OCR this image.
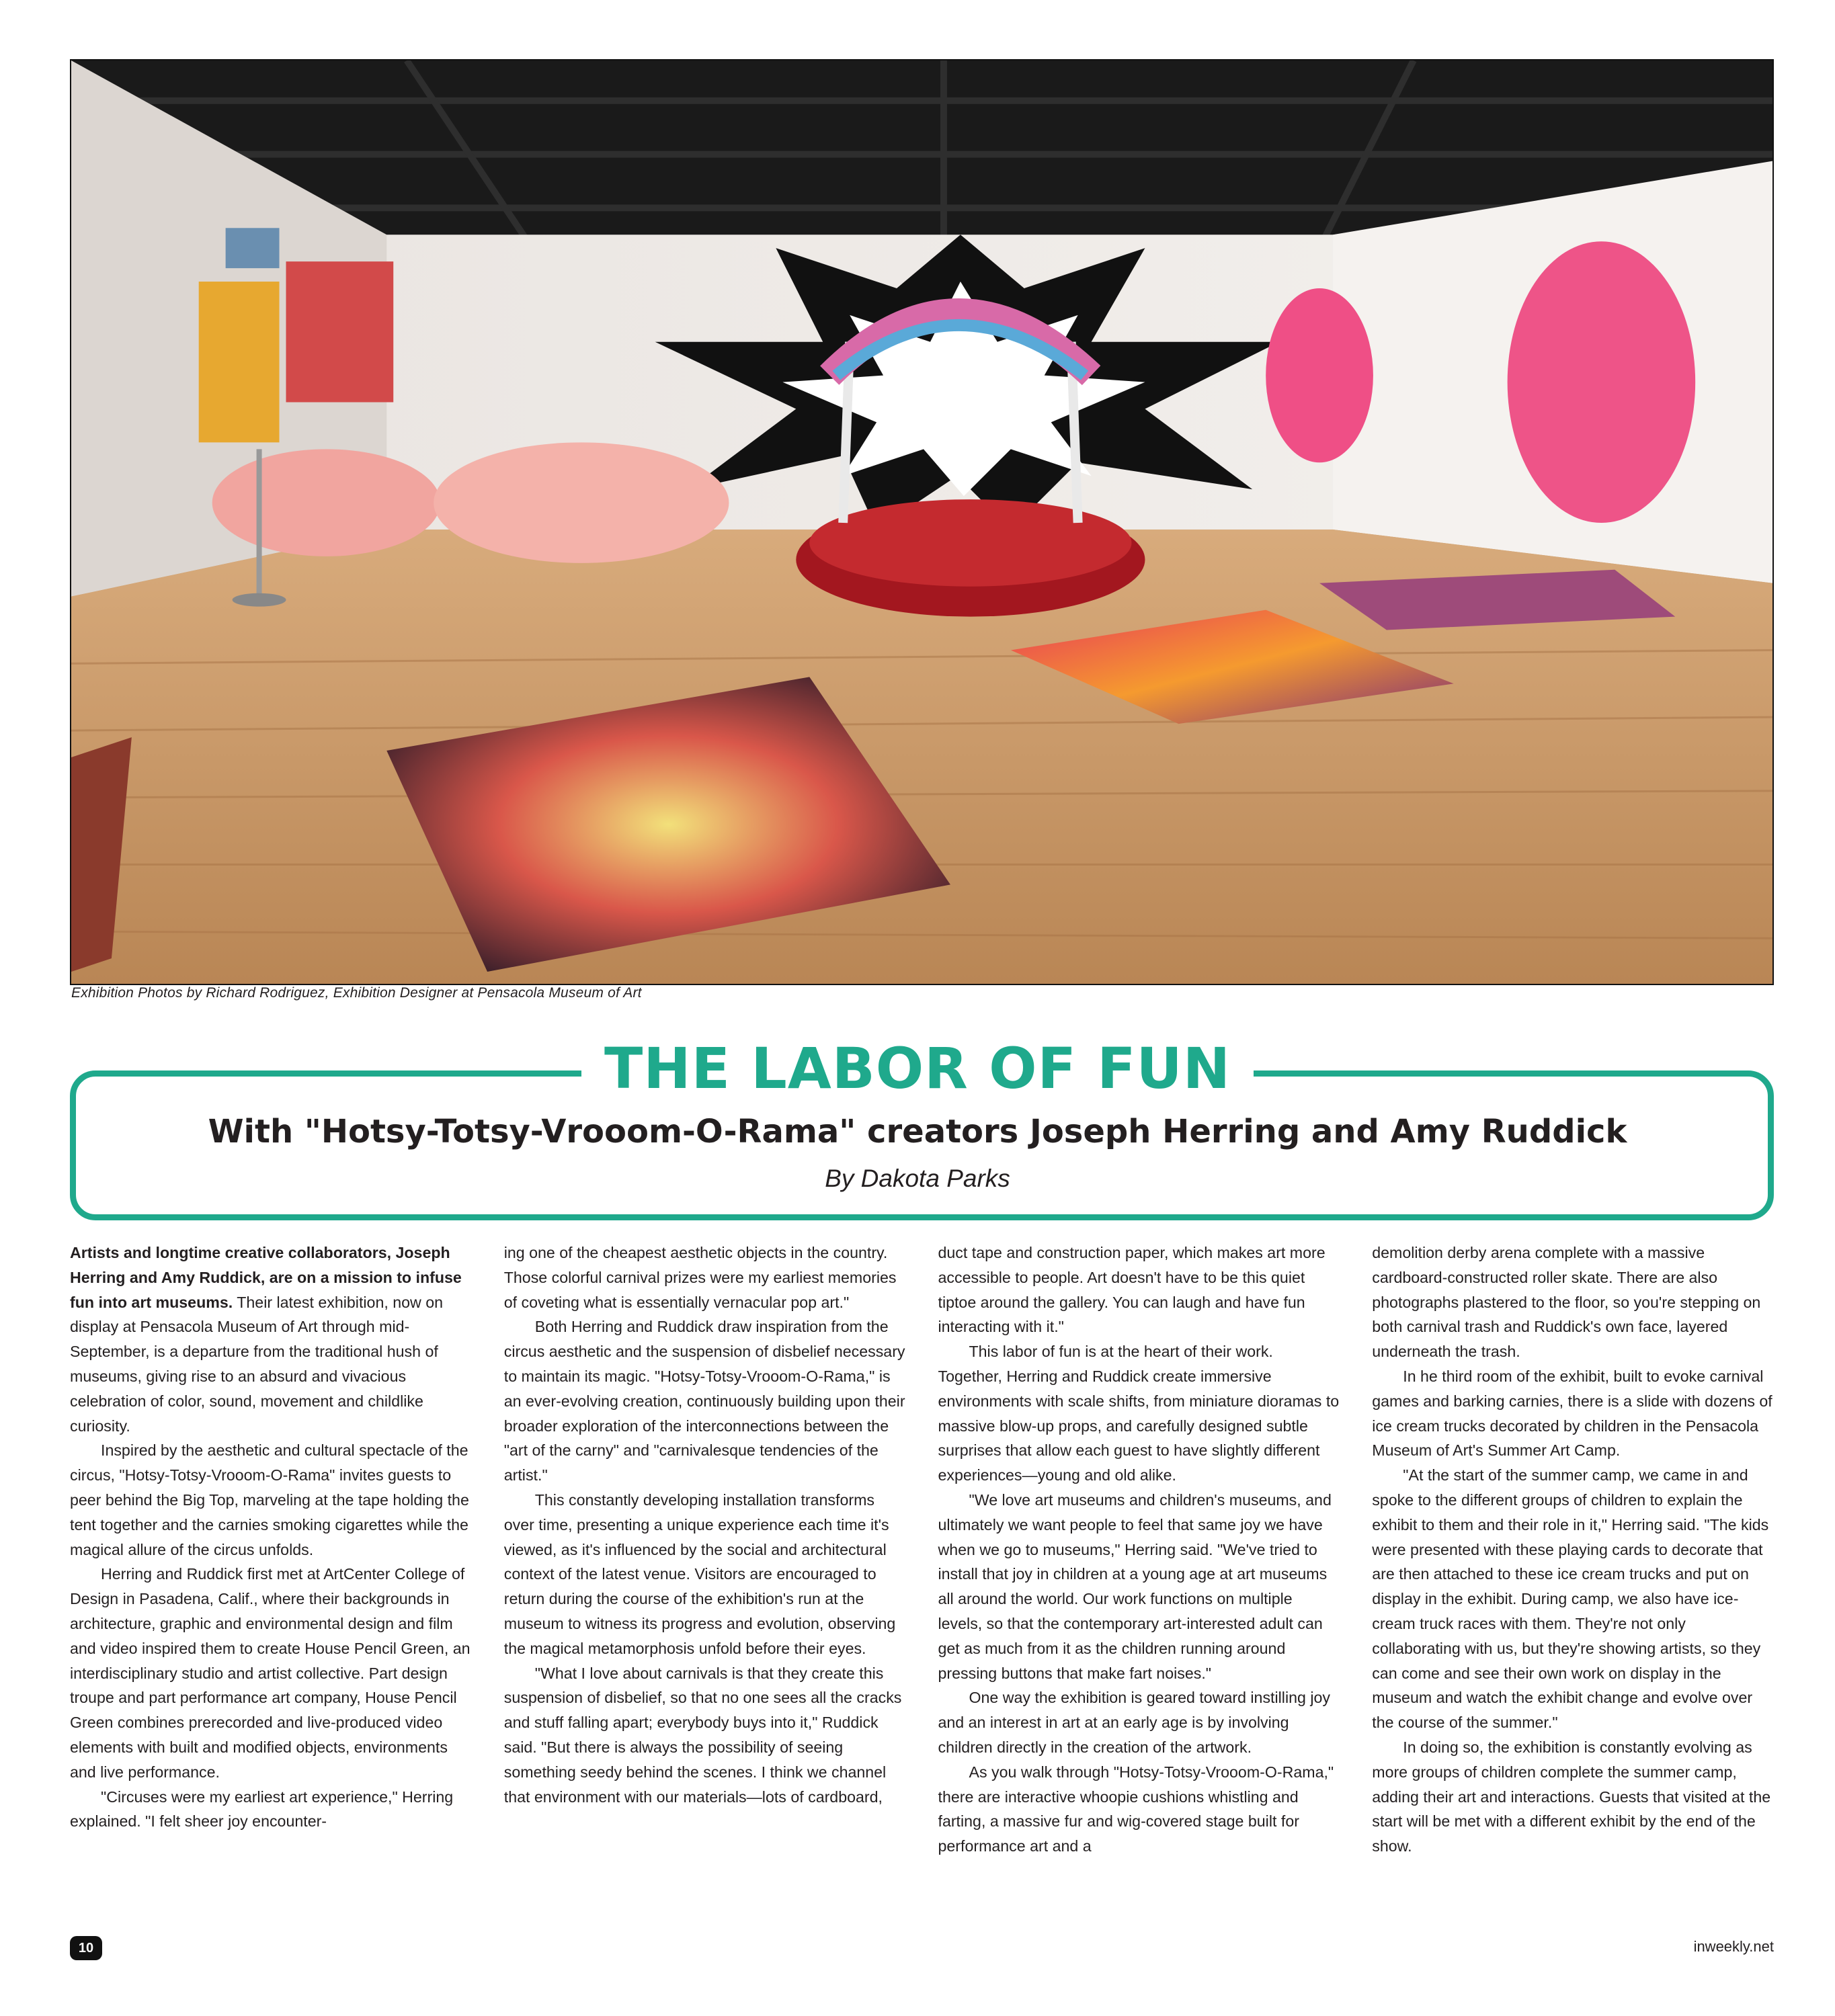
Exhibition Photos by Richard Rodriguez, Exhibition Designer at Pensacola Museum of Art
THE LABOR OF FUN
With "Hotsy-Totsy-Vrooom-O-Rama" creators Joseph Herring and Amy Ruddick
By Dakota Parks

Artists and longtime creative collaborators, Joseph Herring and Amy Ruddick, are on a mission to infuse fun into art museums. Their latest exhibition, now on display at Pensacola Museum of Art through mid-September, is a departure from the traditional hush of museums, giving rise to an absurd and vivacious celebration of color, sound, movement and childlike curiosity.

Inspired by the aesthetic and cultural spectacle of the circus, "Hotsy-Totsy-Vrooom-O-Rama" invites guests to peer behind the Big Top, marveling at the tape holding the tent together and the carnies smoking cigarettes while the magical allure of the circus unfolds.

Herring and Ruddick first met at ArtCenter College of Design in Pasadena, Calif., where their backgrounds in architecture, graphic and environmental design and film and video inspired them to create House Pencil Green, an interdisciplinary studio and artist collective. Part design troupe and part performance art company, House Pencil Green combines prerecorded and live-produced video elements with built and modified objects, environments and live performance.

"Circuses were my earliest art experience," Herring explained. "I felt sheer joy encounter-

ing one of the cheapest aesthetic objects in the country. Those colorful carnival prizes were my earliest memories of coveting what is essentially vernacular pop art."

Both Herring and Ruddick draw inspiration from the circus aesthetic and the suspension of disbelief necessary to maintain its magic. "Hotsy-Totsy-Vrooom-O-Rama," is an ever-evolving creation, continuously building upon their broader exploration of the interconnections between the "art of the carny" and "carnivalesque tendencies of the artist."

This constantly developing installation transforms over time, presenting a unique experience each time it's viewed, as it's influenced by the social and architectural context of the latest venue. Visitors are encouraged to return during the course of the exhibition's run at the museum to witness its progress and evolution, observing the magical metamorphosis unfold before their eyes.

"What I love about carnivals is that they create this suspension of disbelief, so that no one sees all the cracks and stuff falling apart; everybody buys into it," Ruddick said. "But there is always the possibility of seeing something seedy behind the scenes. I think we channel that environment with our materials—lots of cardboard,

duct tape and construction paper, which makes art more accessible to people. Art doesn't have to be this quiet tiptoe around the gallery. You can laugh and have fun interacting with it."

This labor of fun is at the heart of their work. Together, Herring and Ruddick create immersive environments with scale shifts, from miniature dioramas to massive blow-up props, and carefully designed subtle surprises that allow each guest to have slightly different experiences—young and old alike.

"We love art museums and children's museums, and ultimately we want people to feel that same joy we have when we go to museums," Herring said. "We've tried to install that joy in children at a young age at art museums all around the world. Our work functions on multiple levels, so that the contemporary art-interested adult can get as much from it as the children running around pressing buttons that make fart noises."

One way the exhibition is geared toward instilling joy and an interest in art at an early age is by involving children directly in the creation of the artwork.

As you walk through "Hotsy-Totsy-Vrooom-O-Rama," there are interactive whoopie cushions whistling and farting, a massive fur and wig-covered stage built for performance art and a

demolition derby arena complete with a massive cardboard-constructed roller skate. There are also photographs plastered to the floor, so you're stepping on both carnival trash and Ruddick's own face, layered underneath the trash.

In he third room of the exhibit, built to evoke carnival games and barking carnies, there is a slide with dozens of ice cream trucks decorated by children in the Pensacola Museum of Art's Summer Art Camp.

"At the start of the summer camp, we came in and spoke to the different groups of children to explain the exhibit to them and their role in it," Herring said. "The kids were presented with these playing cards to decorate that are then attached to these ice cream trucks and put on display in the exhibit. During camp, we also have ice-cream truck races with them. They're not only collaborating with us, but they're showing artists, so they can come and see their own work on display in the museum and watch the exhibit change and evolve over the course of the summer."

In doing so, the exhibition is constantly evolving as more groups of children complete the summer camp, adding their art and interactions. Guests that visited at the start will be met with a different exhibit by the end of the show.

10	inweekly.net
